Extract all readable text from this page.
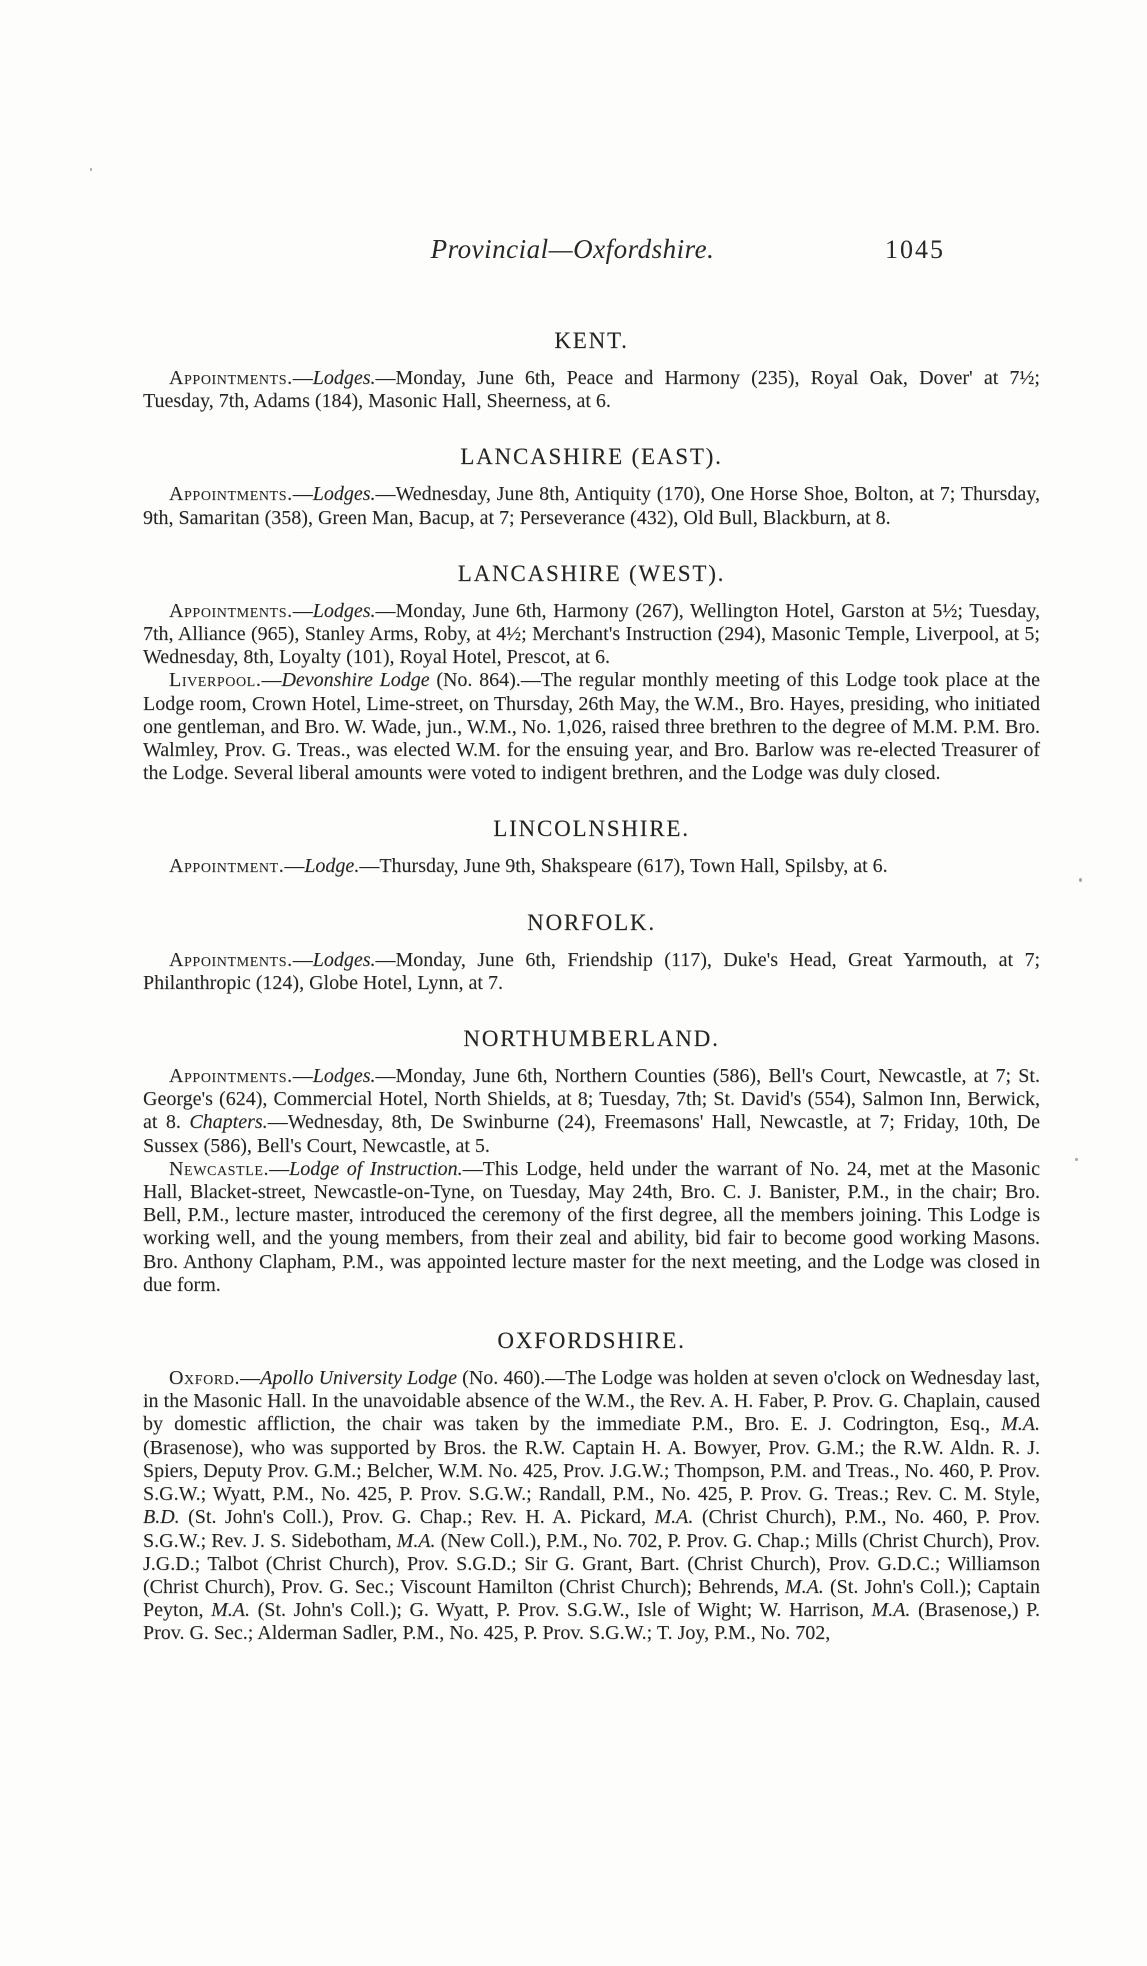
Provincial—Oxfordshire.	1045
KENT.

Appointments.—Lodges.—Monday, June 6th, Peace and Harmony (235), Royal Oak, Dover' at 7½; Tuesday, 7th, Adams (184), Masonic Hall, Sheerness, at 6.

LANCASHIRE (EAST).

Appointments.—Lodges.—Wednesday, June 8th, Antiquity (170), One Horse Shoe, Bolton, at 7; Thursday, 9th, Samaritan (358), Green Man, Bacup, at 7; Perseverance (432), Old Bull, Blackburn, at 8.

LANCASHIRE (WEST).

Appointments.—Lodges.—Monday, June 6th, Harmony (267), Wellington Hotel, Garston at 5½; Tuesday, 7th, Alliance (965), Stanley Arms, Roby, at 4½; Merchant's Instruction (294), Masonic Temple, Liverpool, at 5; Wednesday, 8th, Loyalty (101), Royal Hotel, Prescot, at 6.

Liverpool.—Devonshire Lodge (No. 864).—The regular monthly meeting of this Lodge took place at the Lodge room, Crown Hotel, Lime-street, on Thursday, 26th May, the W.M., Bro. Hayes, presiding, who initiated one gentleman, and Bro. W. Wade, jun., W.M., No. 1,026, raised three brethren to the degree of M.M. P.M. Bro. Walmley, Prov. G. Treas., was elected W.M. for the ensuing year, and Bro. Barlow was re-elected Treasurer of the Lodge. Several liberal amounts were voted to indigent brethren, and the Lodge was duly closed.

LINCOLNSHIRE.

Appointment.—Lodge.—Thursday, June 9th, Shakspeare (617), Town Hall, Spilsby, at 6.

NORFOLK.

Appointments.—Lodges.—Monday, June 6th, Friendship (117), Duke's Head, Great Yarmouth, at 7; Philanthropic (124), Globe Hotel, Lynn, at 7.

NORTHUMBERLAND.

Appointments.—Lodges.—Monday, June 6th, Northern Counties (586), Bell's Court, Newcastle, at 7; St. George's (624), Commercial Hotel, North Shields, at 8; Tuesday, 7th; St. David's (554), Salmon Inn, Berwick, at 8. Chapters.—Wednesday, 8th, De Swinburne (24), Freemasons' Hall, Newcastle, at 7; Friday, 10th, De Sussex (586), Bell's Court, Newcastle, at 5.

Newcastle.—Lodge of Instruction.—This Lodge, held under the warrant of No. 24, met at the Masonic Hall, Blacket-street, Newcastle-on-Tyne, on Tuesday, May 24th, Bro. C. J. Banister, P.M., in the chair; Bro. Bell, P.M., lecture master, introduced the ceremony of the first degree, all the members joining. This Lodge is working well, and the young members, from their zeal and ability, bid fair to become good working Masons. Bro. Anthony Clapham, P.M., was appointed lecture master for the next meeting, and the Lodge was closed in due form.

OXFORDSHIRE.

Oxford.—Apollo University Lodge (No. 460).—The Lodge was holden at seven o'clock on Wednesday last, in the Masonic Hall. In the unavoidable absence of the W.M., the Rev. A. H. Faber, P. Prov. G. Chaplain, caused by domestic affliction, the chair was taken by the immediate P.M., Bro. E. J. Codrington, Esq., M.A. (Brasenose), who was supported by Bros. the R.W. Captain H. A. Bowyer, Prov. G.M.; the R.W. Aldn. R. J. Spiers, Deputy Prov. G.M.; Belcher, W.M. No. 425, Prov. J.G.W.; Thompson, P.M. and Treas., No. 460, P. Prov. S.G.W.; Wyatt, P.M., No. 425, P. Prov. S.G.W.; Randall, P.M., No. 425, P. Prov. G. Treas.; Rev. C. M. Style, B.D. (St. John's Coll.), Prov. G. Chap.; Rev. H. A. Pickard, M.A. (Christ Church), P.M., No. 460, P. Prov. S.G.W.; Rev. J. S. Sidebotham, M.A. (New Coll.), P.M., No. 702, P. Prov. G. Chap.; Mills (Christ Church), Prov. J.G.D.; Talbot (Christ Church), Prov. S.G.D.; Sir G. Grant, Bart. (Christ Church), Prov. G.D.C.; Williamson (Christ Church), Prov. G. Sec.; Viscount Hamilton (Christ Church); Behrends, M.A. (St. John's Coll.); Captain Peyton, M.A. (St. John's Coll.); G. Wyatt, P. Prov. S.G.W., Isle of Wight; W. Harrison, M.A. (Brasenose,) P. Prov. G. Sec.; Alderman Sadler, P.M., No. 425, P. Prov. S.G.W.; T. Joy, P.M., No. 702,
